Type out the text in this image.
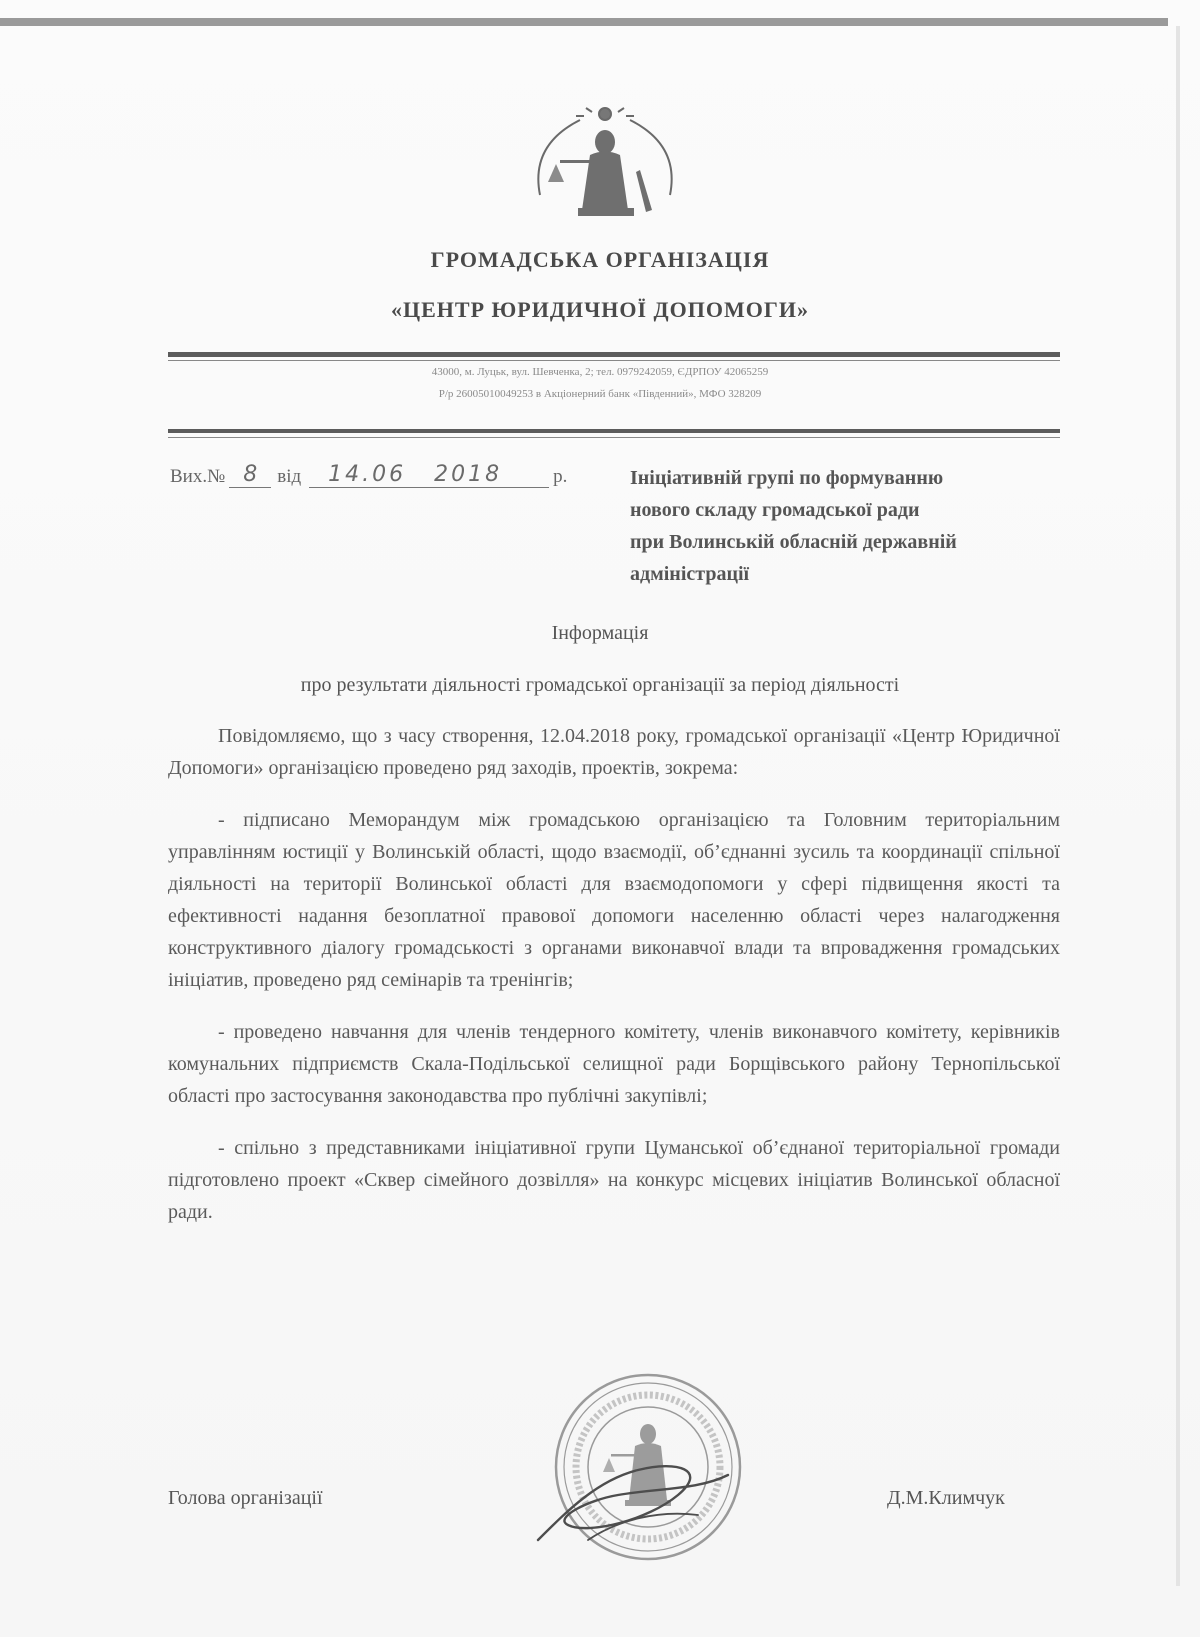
ГРОМАДСЬКА ОРГАНІЗАЦІЯ
«ЦЕНТР ЮРИДИЧНОЇ ДОПОМОГИ»
43000, м. Луцьк, вул. Шевченка, 2; тел. 0979242059, ЄДРПОУ 42065259
Р/р 26005010049253 в Акціонерний банк «Південний», МФО 328209
Вих.№ 8	від	14.06 2018	р.	Ініціативній групі по формуванню
нового складу громадської ради
при Волинській обласній державній
адміністрації
Інформація
про результати діяльності громадської організації за період діяльності

Повідомляємо, що з часу створення, 12.04.2018 року, громадської організації «Центр Юридичної Допомоги» організацією проведено ряд заходів, проектів, зокрема:

- підписано Меморандум між громадською організацією та Головним територіальним управлінням юстиції у Волинській області, щодо взаємодії, об’єднанні зусиль та координації спільної діяльності на території Волинської області для взаємодопомоги у сфері підвищення якості та ефективності надання безоплатної правової допомоги населенню області через налагодження конструктивного діалогу громадськості з органами виконавчої влади та впровадження громадських ініціатив, проведено ряд семінарів та тренінгів;

- проведено навчання для членів тендерного комітету, членів виконавчого комітету, керівників комунальних підприємств Скала-Подільської селищної ради Борщівського району Тернопільської області про застосування законодавства про публічні закупівлі;

- спільно з представниками ініціативної групи Цуманської об’єднаної територіальної громади підготовлено проект «Сквер сімейного дозвілля» на конкурс місцевих ініціатив Волинської обласної ради.

Голова організації	Д.М.Климчук
